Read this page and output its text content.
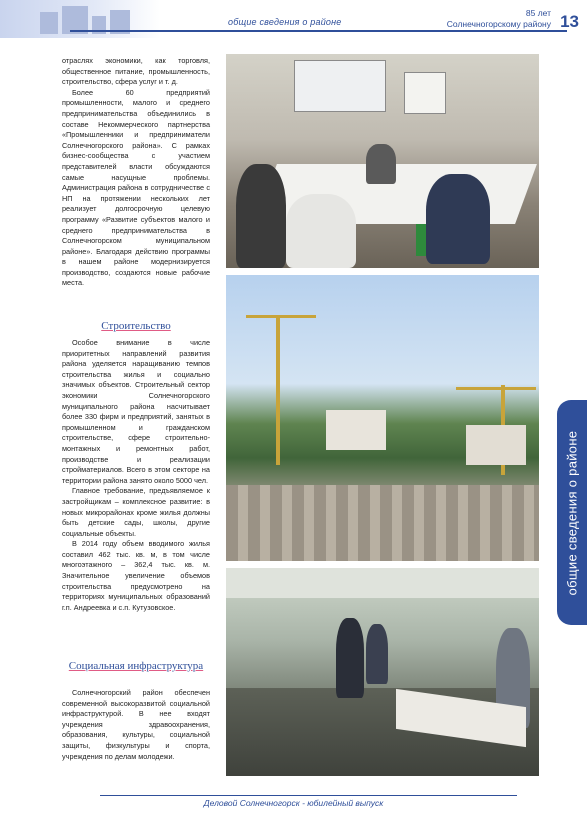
общие сведения о районе
85 лет
Солнечногорскому району 13

отраслях экономики, как торговля, общественное питание, промышленность, строительство, сфера услуг и т. д.

Более 60 предприятий промышленности, малого и среднего предпринимательства объединились в составе Некоммерческого партнерства «Промышленники и предприниматели Солнечногорского района». С рамках бизнес-сообщества с участием представителей власти обсуждаются самые насущные проблемы. Администрация района в сотрудничестве с НП на протяжении нескольких лет реализует долгосрочную целевую программу «Развитие субъектов малого и среднего предпринимательства в Солнечногорском муниципальном районе». Благодаря действию программы в нашем районе модернизируется производство, создаются новые рабочие места.

Строительство

Особое внимание в числе приоритетных направлений развития района уделяется наращиванию темпов строительства жилья и социально значимых объектов. Строительный сектор экономики Солнечногорского муниципального района насчитывает более 330 фирм и предприятий, занятых в промышленном и гражданском строительстве, сфере строительно-монтажных и ремонтных работ, производстве и реализации стройматериалов. Всего в этом секторе на территории района занято около 5000 чел.

Главное требование, предъявляемое к застройщикам – комплексное развитие: в новых микрорайонах кроме жилья должны быть детские сады, школы, другие социальные объекты.

В 2014 году объем вводимого жилья составил 462 тыс. кв. м, в том числе многоэтажного – 362,4 тыс. кв. м. Значительное увеличение объемов строительства предусмотрено на территориях муниципальных образований г.п. Андреевка и с.п. Кутузовское.

Социальная инфраструктура

Солнечногорский район обеспечен современной высокоразвитой социальной инфраструктурой. В нее входят учреждения здравоохранения, образования, культуры, социальной защиты, физкультуры и спорта, учреждения по делам молодежи.

общие сведения о районе
Деловой Солнечногорск - юбилейный выпуск
